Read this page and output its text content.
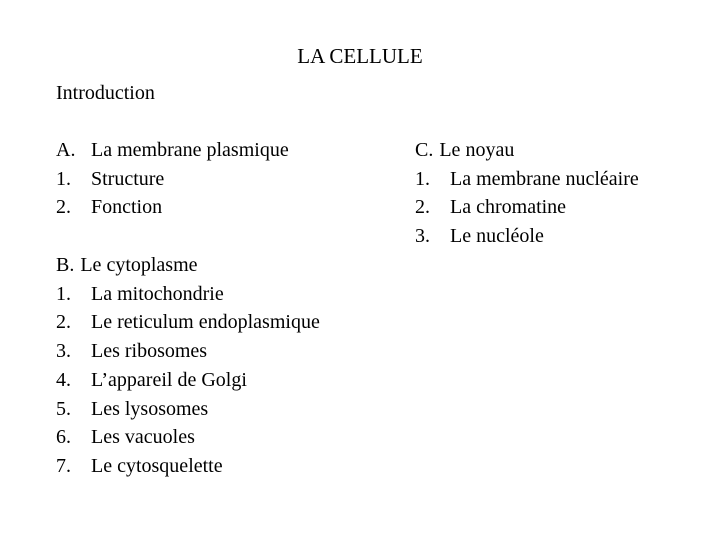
LA CELLULE
Introduction
A. La membrane plasmique
1. Structure
2. Fonction
B. Le cytoplasme
1. La mitochondrie
2. Le reticulum endoplasmique
3. Les ribosomes
4. L’appareil de Golgi
5. Les lysosomes
6. Les vacuoles
7. Le cytosquelette
C. Le noyau
1. La membrane nucléaire
2. La chromatine
3. Le nucléole
